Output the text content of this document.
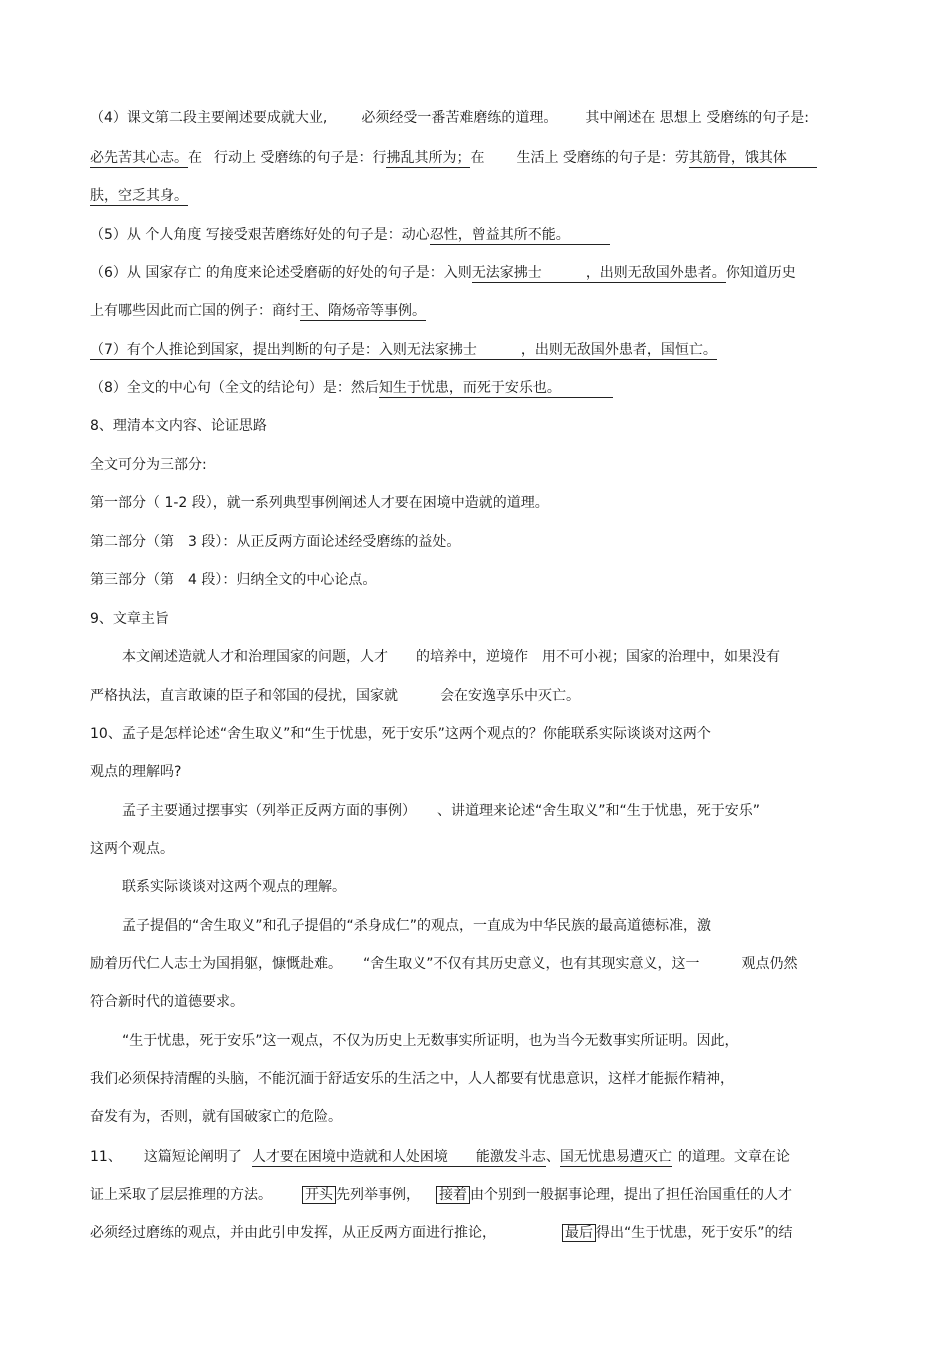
（4）课文第二段主要阐述要成就大业, 必须经受一番苦难磨练的道理。 其中阐述在 思想上 受磨练的句子是:
必先苦其心志。在 行动上 受磨练的句子是：行拂乱其所为；在 生活上 受磨练的句子是：劳其筋骨，饿其体
肤，空乏其身。
（5）从 个人角度 写接受艰苦磨练好处的句子是：动心忍性，曾益其所不能。
（6）从 国家存亡 的角度来论述受磨砺的好处的句子是：入则无法家拂士	，出则无敌国外患者。你知道历史
上有哪些因此而亡国的例子：商纣王、隋炀帝等事例。
（7）有个人推论到国家，提出判断的句子是：入则无法家拂士	，出则无敌国外患者，国恒亡。
（8）全文的中心句（全文的结论句）是：然后知生于忧患，而死于安乐也。
8、理清本文内容、论证思路
全文可分为三部分:
第一部分（ 1-2 段），就一系列典型事例阐述人才要在困境中造就的道理。
第二部分（第　3 段）：从正反两方面论述经受磨练的益处。
第三部分（第　4 段）：归纳全文的中心论点。
9、文章主旨
本文阐述造就人才和治理国家的问题，人才　　的培养中，逆境作　用不可小视；国家的治理中，如果没有
严格执法，直言敢谏的臣子和邻国的侵扰，国家就　　　会在安逸享乐中灭亡。
10、孟子是怎样论述“舍生取义”和“生于忧患，死于安乐”这两个观点的？你能联系实际谈谈对这两个
观点的理解吗?
孟子主要通过摆事实（列举正反两方面的事例）　　、讲道理来论述“舍生取义”和“生于忧患，死于安乐”
这两个观点。
联系实际谈谈对这两个观点的理解。
孟子提倡的“舍生取义”和孔子提倡的“杀身成仁”的观点，一直成为中华民族的最高道德标准，激
励着历代仁人志士为国捐躯，慷慨赴难。　　“舍生取义”不仅有其历史意义，也有其现实意义，这一　　　观点仍然
符合新时代的道德要求。
“生于忧患，死于安乐”这一观点，不仅为历史上无数事实所证明，也为当今无数事实所证明。因此，
我们必须保持清醒的头脑，不能沉湎于舒适安乐的生活之中，人人都要有忧患意识，这样才能振作精神，
奋发有为，否则，就有国破家亡的危险。
11、 这篇短论阐明了 人才要在困境中造就和人处困境　　能激发斗志、国无忧患易遭灭亡 的道理。文章在论
证上采取了层层推理的方法。 开头 先列举事例， 接着 由个别到一般据事论理，提出了担任治国重任的人才
必须经过磨练的观点，并由此引申发挥，从正反两方面进行推论，	最后 得出“生于忧患，死于安乐”的结
